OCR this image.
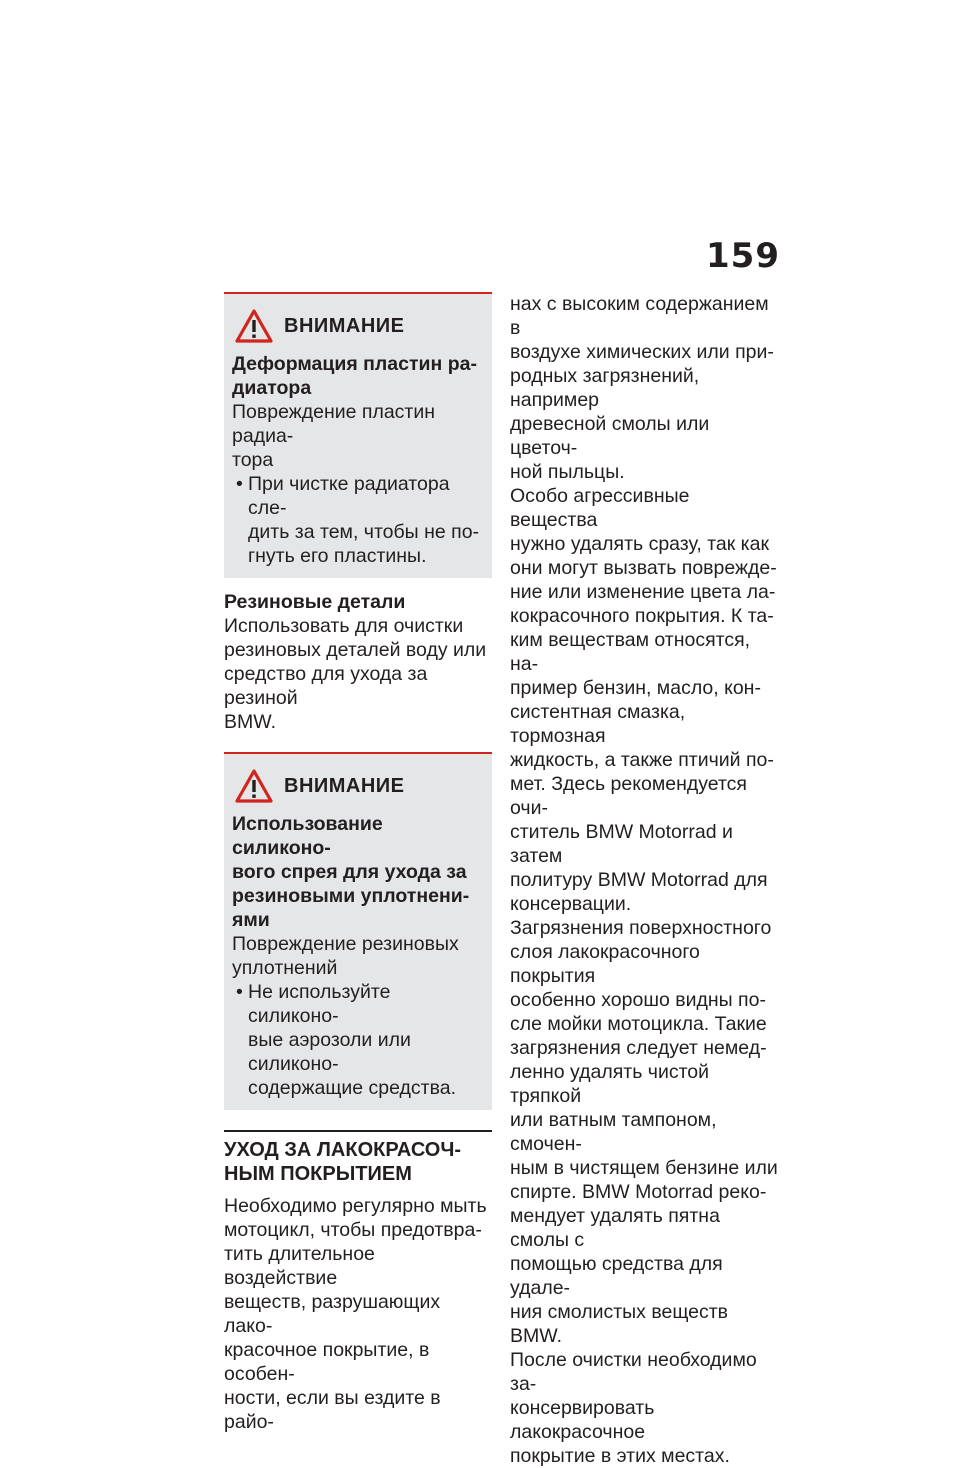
159
ВНИМАНИЕ

Деформация пластин ра-
диатора

Повреждение пластин радиа-
тора

• При чистке радиатора сле-
дить за тем, чтобы не по-
гнуть его пластины.

Резиновые детали

Использовать для очистки
резиновых деталей воду или
средство для ухода за резиной
BMW.

ВНИМАНИЕ

Использование силиконо-
вого спрея для ухода за
резиновыми уплотнени-
ями

Повреждение резиновых
уплотнений

• Не используйте силиконо-
вые аэрозоли или силиконо-
содержащие средства.
УХОД ЗА ЛАКОКРАСОЧ-
НЫМ ПОКРЫТИЕМ

Необходимо регулярно мыть
мотоцикл, чтобы предотвра-
тить длительное воздействие
веществ, разрушающих лако-
красочное покрытие, в особен-
ности, если вы ездите в райо-

нах с высоким содержанием в
воздухе химических или при-
родных загрязнений, например
древесной смолы или цветоч-
ной пыльцы.

Особо агрессивные вещества
нужно удалять сразу, так как
они могут вызвать поврежде-
ние или изменение цвета ла-
кокрасочного покрытия. К та-
ким веществам относятся, на-
пример бензин, масло, кон-
систентная смазка, тормозная
жидкость, а также птичий по-
мет. Здесь рекомендуется очи-
ститель BMW Motorrad и затем
политуру BMW Motorrad для
консервации.

Загрязнения поверхностного
слоя лакокрасочного покрытия
особенно хорошо видны по-
сле мойки мотоцикла. Такие
загрязнения следует немед-
ленно удалять чистой тряпкой
или ватным тампоном, смочен-
ным в чистящем бензине или
спирте. BMW Motorrad реко-
мендует удалять пятна смолы с
помощью средства для удале-
ния смолистых веществ BMW.
После очистки необходимо за-
консервировать лакокрасочное
покрытие в этих местах.
